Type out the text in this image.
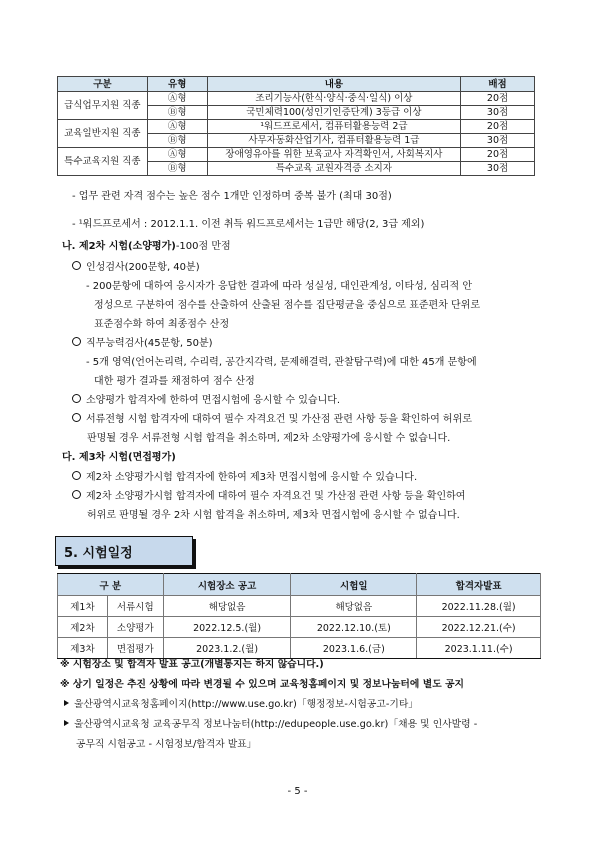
구분	유형	내용	배점
급식업무지원 직종	Ⓐ형	조리기능사(한식·양식·중식·일식) 이상	20점
	Ⓑ형	국민체력100(성인기인증단계) 3등급 이상	30점
교육일반지원 직종	Ⓐ형	¹워드프로세서, 컴퓨터활용능력 2급	20점
	Ⓑ형	사무자동화산업기사, 컴퓨터활용능력 1급	30점
특수교육지원 직종	Ⓐ형	장애영유아를 위한 보육교사 자격확인서, 사회복지사	20점
	Ⓑ형	특수교육 교원자격증 소지자	30점
- 업무 관련 자격 점수는 높은 점수 1개만 인정하며 중복 불가 (최대 30점)
- ¹워드프로세서 : 2012.1.1. 이전 취득 워드프로세서는 1급만 해당(2, 3급 제외)
나. 제2차 시험(소양평가)-100점 만점
인성검사(200문항, 40분)
- 200문항에 대하여 응시자가 응답한 결과에 따라 성실성, 대인관계성, 이타성, 심리적 안
정성으로 구분하여 점수를 산출하여 산출된 점수를 집단평균을 중심으로 표준편차 단위로
표준점수화 하여 최종점수 산정
직무능력검사(45문항, 50분)
- 5개 영역(언어논리력, 수리력, 공간지각력, 문제해결력, 관찰탐구력)에 대한 45개 문항에
대한 평가 결과를 채점하여 점수 산정
소양평가 합격자에 한하여 면접시험에 응시할 수 있습니다.
서류전형 시험 합격자에 대하여 필수 자격요건 및 가산점 관련 사항 등을 확인하여 허위로
판명될 경우 서류전형 시험 합격을 취소하며, 제2차 소양평가에 응시할 수 없습니다.
다. 제3차 시험(면접평가)
제2차 소양평가시험 합격자에 한하여 제3차 면접시험에 응시할 수 있습니다.
제2차 소양평가시험 합격자에 대하여 필수 자격요건 및 가산점 관련 사항 등을 확인하여
허위로 판명될 경우 2차 시험 합격을 취소하며, 제3차 면접시험에 응시할 수 없습니다.
5. 시험일정
구 분		시험장소 공고	시험일	합격자발표
제1차	서류시험	해당없음	해당없음	2022.11.28.(월)
제2차	소양평가	2022.12.5.(월)	2022.12.10.(토)	2022.12.21.(수)
제3차	면접평가	2023.1.2.(월)	2023.1.6.(금)	2023.1.11.(수)
※ 시험장소 및 합격자 발표 공고(개별통지는 하지 않습니다.)
※ 상기 일정은 추진 상황에 따라 변경될 수 있으며 교육청홈페이지 및 정보나눔터에 별도 공지
울산광역시교육청홈페이지(http://www.use.go.kr)「행정정보-시험공고-기타」
울산광역시교육청 교육공무직 정보나눔터(http://edupeople.use.go.kr)「채용 및 인사발령 -
공무직 시험공고 - 시험정보/합격자 발표」
- 5 -
